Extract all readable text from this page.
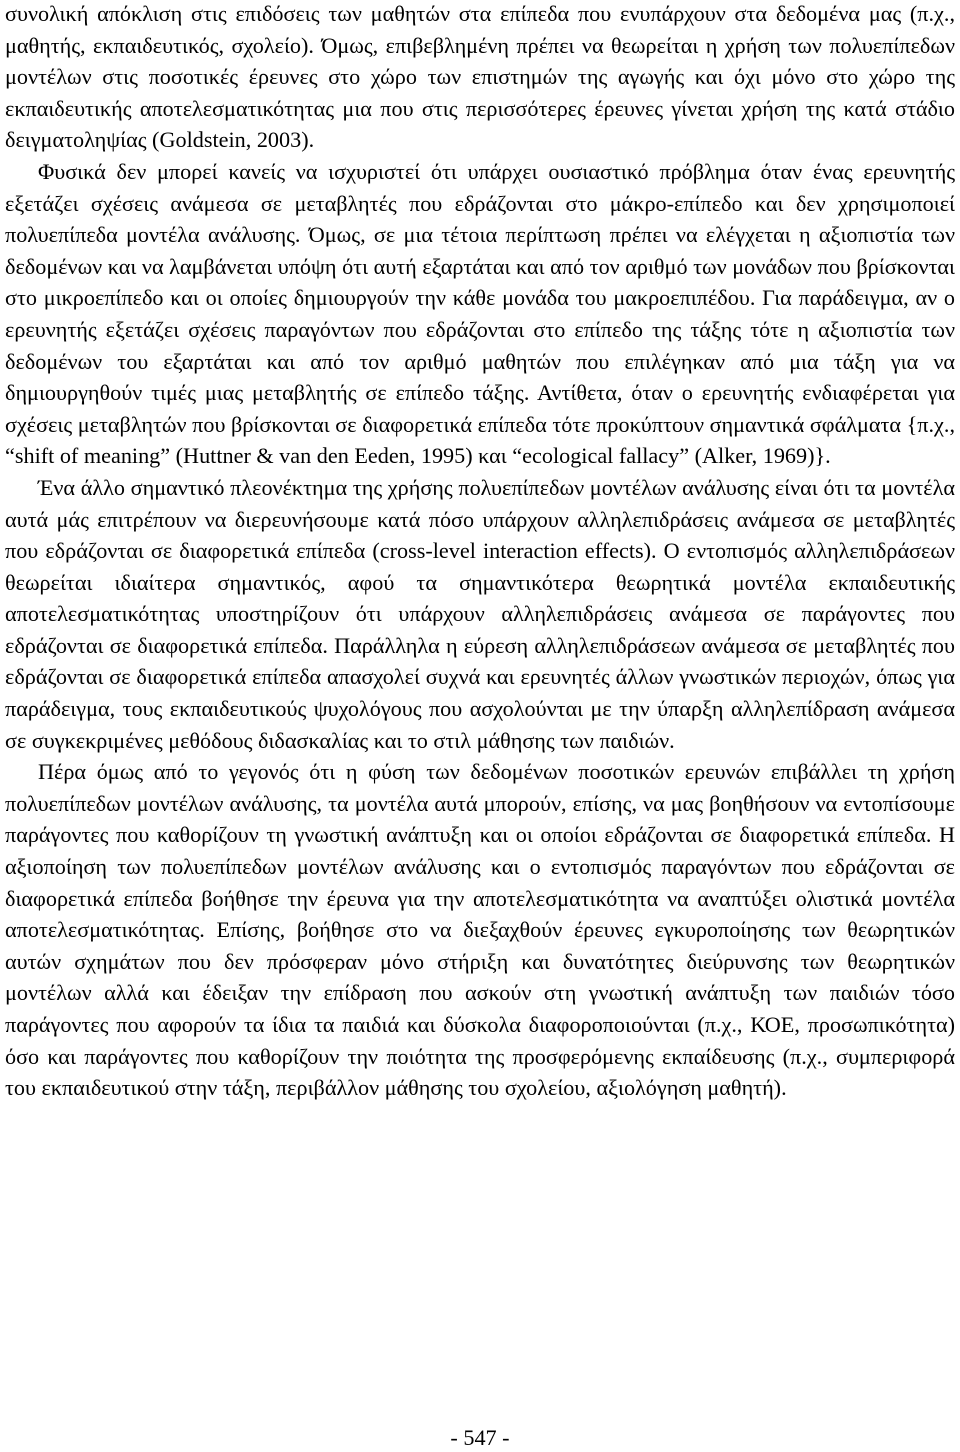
συνολική απόκλιση στις επιδόσεις των μαθητών στα επίπεδα που ενυπάρχουν στα δεδομένα μας (π.χ., μαθητής, εκπαιδευτικός, σχολείο). Όμως, επιβεβλημένη πρέπει να θεωρείται η χρήση των πολυεπίπεδων μοντέλων στις ποσοτικές έρευνες στο χώρο των επιστημών της αγωγής και όχι μόνο στο χώρο της εκπαιδευτικής αποτελεσματικότητας μια που στις περισσότερες έρευνες γίνεται χρήση της κατά στάδιο δειγματοληψίας (Goldstein, 2003).

Φυσικά δεν μπορεί κανείς να ισχυριστεί ότι υπάρχει ουσιαστικό πρόβλημα όταν ένας ερευνητής εξετάζει σχέσεις ανάμεσα σε μεταβλητές που εδράζονται στο μάκρο-επίπεδο και δεν χρησιμοποιεί πολυεπίπεδα μοντέλα ανάλυσης. Όμως, σε μια τέτοια περίπτωση πρέπει να ελέγχεται η αξιοπιστία των δεδομένων και να λαμβάνεται υπόψη ότι αυτή εξαρτάται και από τον αριθμό των μονάδων που βρίσκονται στο μικροεπίπεδο και οι οποίες δημιουργούν την κάθε μονάδα του μακροεπιπέδου. Για παράδειγμα, αν ο ερευνητής εξετάζει σχέσεις παραγόντων που εδράζονται στο επίπεδο της τάξης τότε η αξιοπιστία των δεδομένων του εξαρτάται και από τον αριθμό μαθητών που επιλέγηκαν από μια τάξη για να δημιουργηθούν τιμές μιας μεταβλητής σε επίπεδο τάξης. Αντίθετα, όταν ο ερευνητής ενδιαφέρεται για σχέσεις μεταβλητών που βρίσκονται σε διαφορετικά επίπεδα τότε προκύπτουν σημαντικά σφάλματα {π.χ., “shift of meaning” (Huttner & van den Eeden, 1995) και “ecological fallacy” (Alker, 1969)}.

Ένα άλλο σημαντικό πλεονέκτημα της χρήσης πολυεπίπεδων μοντέλων ανάλυσης είναι ότι τα μοντέλα αυτά μάς επιτρέπουν να διερευνήσουμε κατά πόσο υπάρχουν αλληλεπιδράσεις ανάμεσα σε μεταβλητές που εδράζονται σε διαφορετικά επίπεδα (cross-level interaction effects). Ο εντοπισμός αλληλεπιδράσεων θεωρείται ιδιαίτερα σημαντικός, αφού τα σημαντικότερα θεωρητικά μοντέλα εκπαιδευτικής αποτελεσματικότητας υποστηρίζουν ότι υπάρχουν αλληλεπιδράσεις ανάμεσα σε παράγοντες που εδράζονται σε διαφορετικά επίπεδα. Παράλληλα η εύρεση αλληλεπιδράσεων ανάμεσα σε μεταβλητές που εδράζονται σε διαφορετικά επίπεδα απασχολεί συχνά και ερευνητές άλλων γνωστικών περιοχών, όπως για παράδειγμα, τους εκπαιδευτικούς ψυχολόγους που ασχολούνται με την ύπαρξη αλληλεπίδραση ανάμεσα σε συγκεκριμένες μεθόδους διδασκαλίας και το στιλ μάθησης των παιδιών.

Πέρα όμως από το γεγονός ότι η φύση των δεδομένων ποσοτικών ερευνών επιβάλλει τη χρήση πολυεπίπεδων μοντέλων ανάλυσης, τα μοντέλα αυτά μπορούν, επίσης, να μας βοηθήσουν να εντοπίσουμε παράγοντες που καθορίζουν τη γνωστική ανάπτυξη και οι οποίοι εδράζονται σε διαφορετικά επίπεδα. Η αξιοποίηση των πολυεπίπεδων μοντέλων ανάλυσης και ο εντοπισμός παραγόντων που εδράζονται σε διαφορετικά επίπεδα βοήθησε την έρευνα για την αποτελεσματικότητα να αναπτύξει ολιστικά μοντέλα αποτελεσματικότητας. Επίσης, βοήθησε στο να διεξαχθούν έρευνες εγκυροποίησης των θεωρητικών αυτών σχημάτων που δεν πρόσφεραν μόνο στήριξη και δυνατότητες διεύρυνσης των θεωρητικών μοντέλων αλλά και έδειξαν την επίδραση που ασκούν στη γνωστική ανάπτυξη των παιδιών τόσο παράγοντες που αφορούν τα ίδια τα παιδιά και δύσκολα διαφοροποιούνται (π.χ., ΚΟΕ, προσωπικότητα) όσο και παράγοντες που καθορίζουν την ποιότητα της προσφερόμενης εκπαίδευσης (π.χ., συμπεριφορά του εκπαιδευτικού στην τάξη, περιβάλλον μάθησης του σχολείου, αξιολόγηση μαθητή).

- 547 -
